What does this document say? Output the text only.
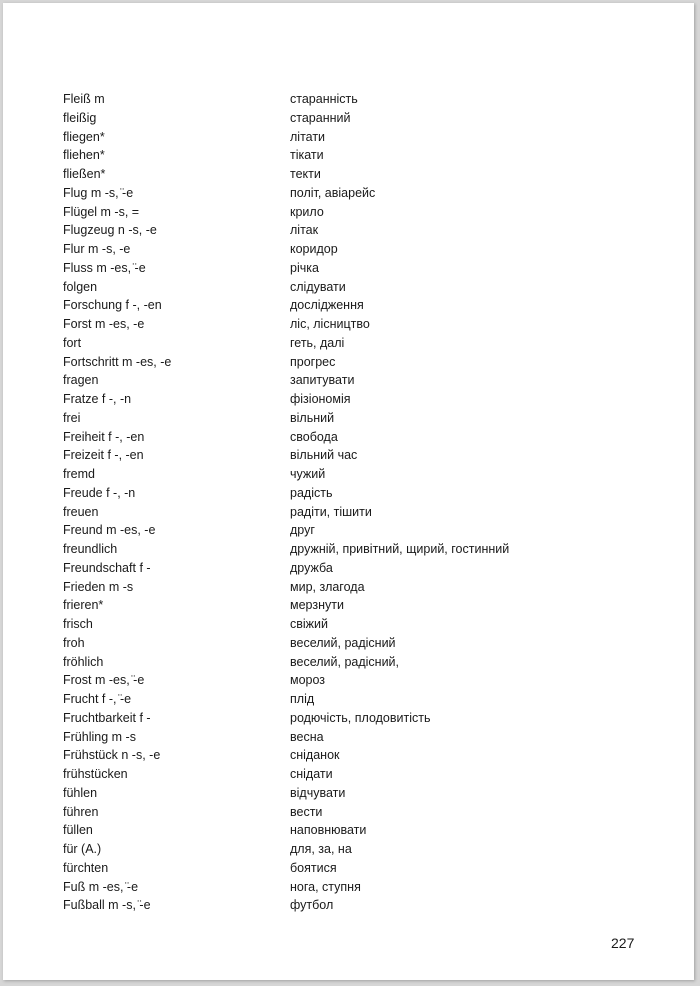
Fleiß m	старанність
fleißig	старанний
fliegen*	літати
fliehen*	тікати
fließen*	текти
Flug m -s, ̈-e	політ, авіарейс
Flügel m -s, =	крило
Flugzeug n -s, -e	літак
Flur m -s, -e	коридор
Fluss m -es, ̈-e	річка
folgen	слідувати
Forschung f -, -en	дослідження
Forst m -es, -e	ліс, лісництво
fort	геть, далі
Fortschritt m -es, -e	прогрес
fragen	запитувати
Fratze f -, -n	фізіономія
frei	вільний
Freiheit f -, -en	свобода
Freizeit f -, -en	вільний час
fremd	чужий
Freude f -, -n	радість
freuen	радіти, тішити
Freund m -es, -e	друг
freundlich	дружній, привітний, щирий, гостинний
Freundschaft f -	дружба
Frieden m -s	мир, злагода
frieren*	мерзнути
frisch	свіжий
froh	веселий, радісний
fröhlich	веселий, радісний,
Frost m -es, ̈-e	мороз
Frucht f -, ̈-e	плід
Fruchtbarkeit f -	родючість, плодовитість
Frühling m -s	весна
Frühstück n -s, -e	сніданок
frühstücken	снідати
fühlen	відчувати
führen	вести
füllen	наповнювати
für (A.)	для, за, на
fürchten	боятися
Fuß m -es, ̈-e	нога, ступня
Fußball m -s, ̈-e	футбол
227
